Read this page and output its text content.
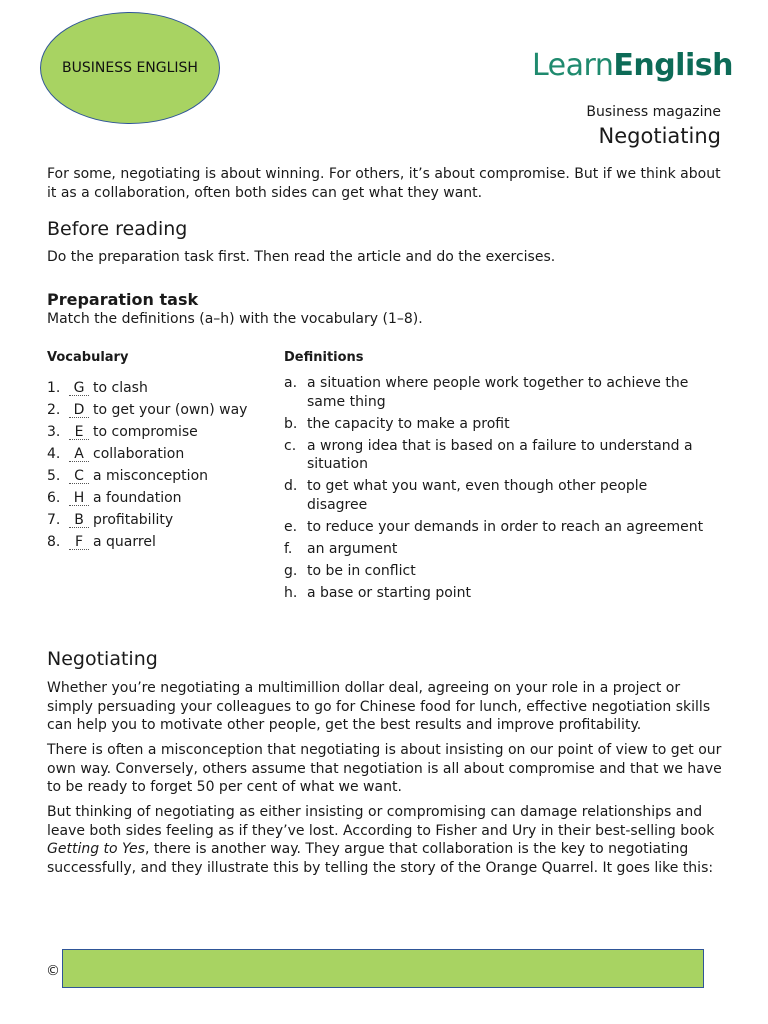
BUSINESS ENGLISH	LearnEnglish
Business magazine
Negotiating

For some, negotiating is about winning. For others, it’s about compromise. But if we think about it as a collaboration, often both sides can get what they want.

Before reading

Do the preparation task first. Then read the article and do the exercises.

Preparation task

Match the definitions (a–h) with the vocabulary (1–8).

Vocabulary	Definitions
1. G to clash
2. D to get your (own) way
3.	E to compromise
4. A collaboration
5. C a misconception
6. H a foundation
7. B profitability
8.	F a quarrel
a. a situation where people work together to achieve the same thing
b. the capacity to make a profit
c. a wrong idea that is based on a failure to understand a situation
d. to get what you want, even though other people disagree
e. to reduce your demands in order to reach an agreement
f.	an argument
g. to be in conflict
h. a base or starting point
Negotiating

Whether you’re negotiating a multimillion dollar deal, agreeing on your role in a project or simply persuading your colleagues to go for Chinese food for lunch, effective negotiation skills can help you to motivate other people, get the best results and improve profitability.

There is often a misconception that negotiating is about insisting on our point of view to get our own way. Conversely, others assume that negotiation is all about compromise and that we have to be ready to forget 50 per cent of what we want.

But thinking of negotiating as either insisting or compromising can damage relationships and leave both sides feeling as if they’ve lost. According to Fisher and Ury in their best-selling book Getting to Yes, there is another way. They argue that collaboration is the key to negotiating successfully, and they illustrate this by telling the story of the Orange Quarrel. It goes like this:

©
